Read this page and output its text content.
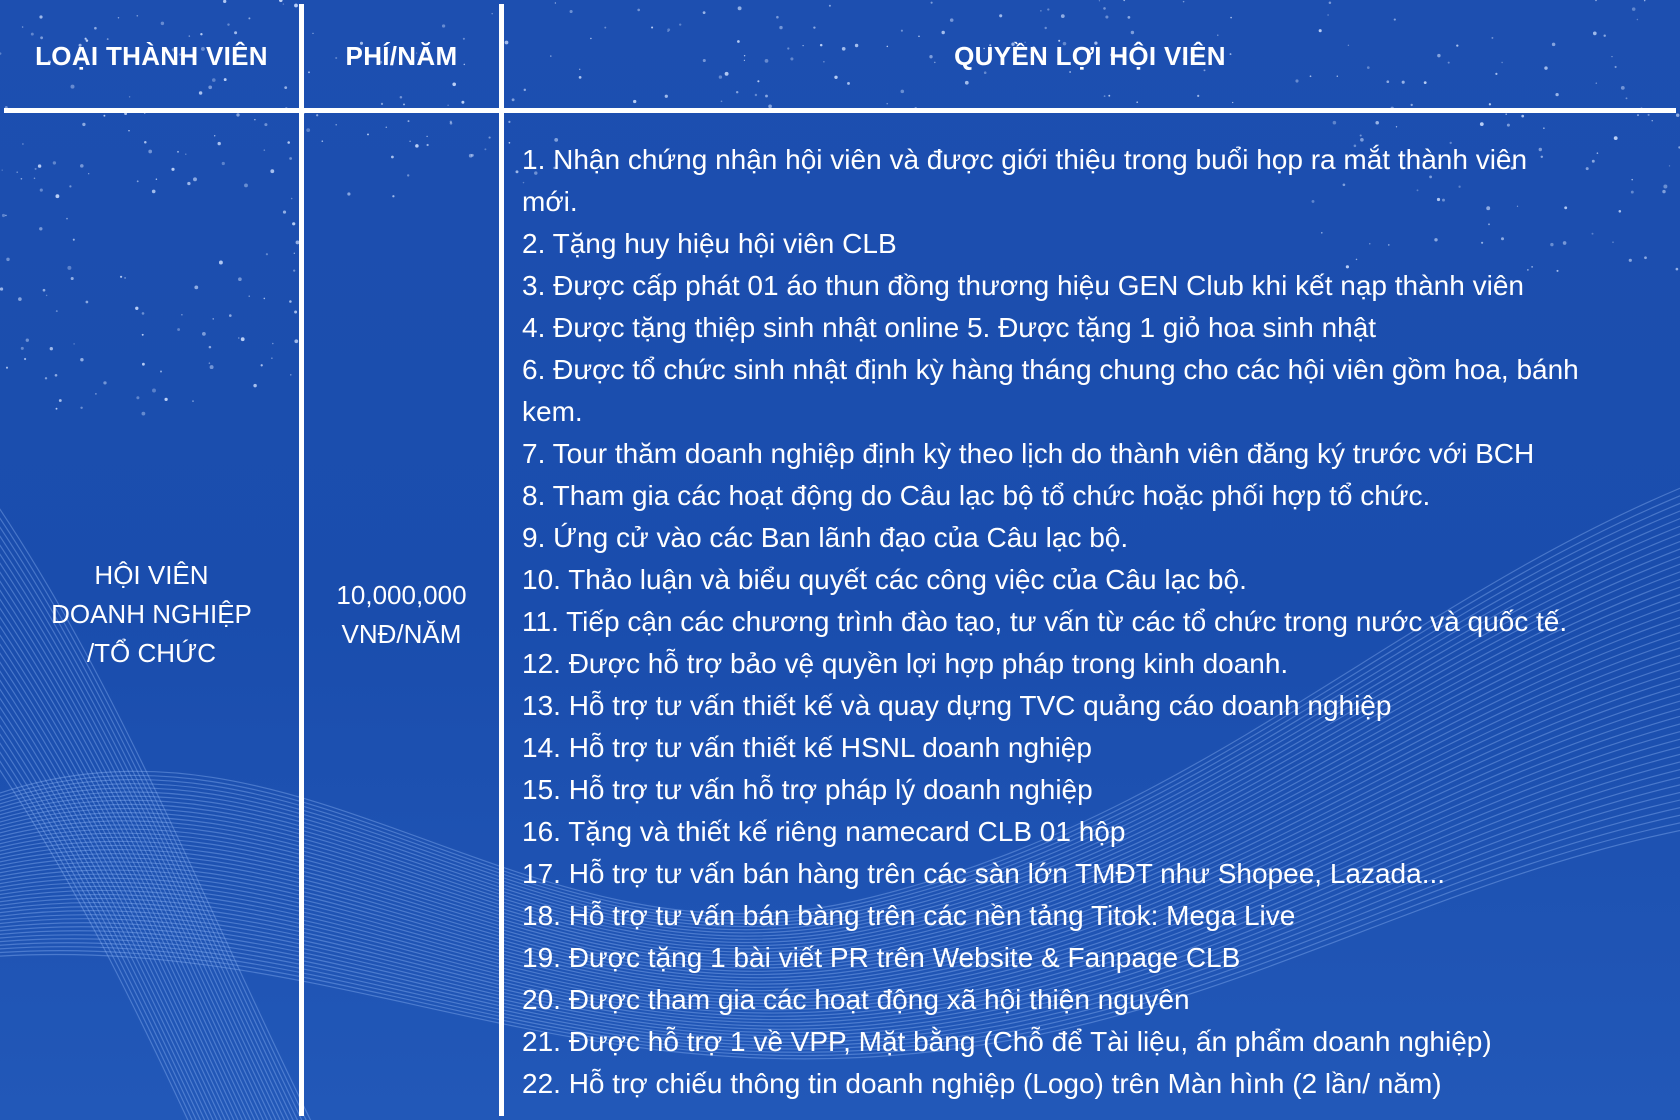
LOẠI THÀNH VIÊN	PHÍ/NĂM	QUYỀN LỢI HỘI VIÊN
HỘI VIÊN
DOANH NGHIỆP
/TỔ CHỨC
10,000,000
VNĐ/NĂM
1. Nhận chứng nhận hội viên và được giới thiệu trong buổi họp ra mắt thành viên
mới.
2. Tặng huy hiệu hội viên CLB
3. Được cấp phát 01 áo thun đồng thương hiệu GEN Club khi kết nạp thành viên
4. Được tặng thiệp sinh nhật online 5. Được tặng 1 giỏ hoa sinh nhật
6. Được tổ chức sinh nhật định kỳ hàng tháng chung cho các hội viên gồm hoa, bánh
kem.
7. Tour thăm doanh nghiệp định kỳ theo lịch do thành viên đăng ký trước với BCH
8. Tham gia các hoạt động do Câu lạc bộ tổ chức hoặc phối hợp tổ chức.
9. Ứng cử vào các Ban lãnh đạo của Câu lạc bộ.
10. Thảo luận và biểu quyết các công việc của Câu lạc bộ.
11. Tiếp cận các chương trình đào tạo, tư vấn từ các tổ chức trong nước và quốc tế.
12. Được hỗ trợ bảo vệ quyền lợi hợp pháp trong kinh doanh.
13. Hỗ trợ tư vấn thiết kế và quay dựng TVC quảng cáo doanh nghiệp
14. Hỗ trợ tư vấn thiết kế HSNL doanh nghiệp
15. Hỗ trợ tư vấn hỗ trợ pháp lý doanh nghiệp
16. Tặng và thiết kế riêng namecard CLB 01 hộp
17. Hỗ trợ tư vấn bán hàng trên các sàn lớn TMĐT như Shopee, Lazada...
18. Hỗ trợ tư vấn bán bàng trên các nền tảng Titok: Mega Live
19. Được tặng 1 bài viết PR trên Website & Fanpage CLB
20. Được tham gia các hoạt động xã hội thiện nguyên
21. Được hỗ trợ 1 về VPP, Mặt bằng (Chỗ để Tài liệu, ấn phẩm doanh nghiệp)
22. Hỗ trợ chiếu thông tin doanh nghiệp (Logo) trên Màn hình (2 lần/ năm)
